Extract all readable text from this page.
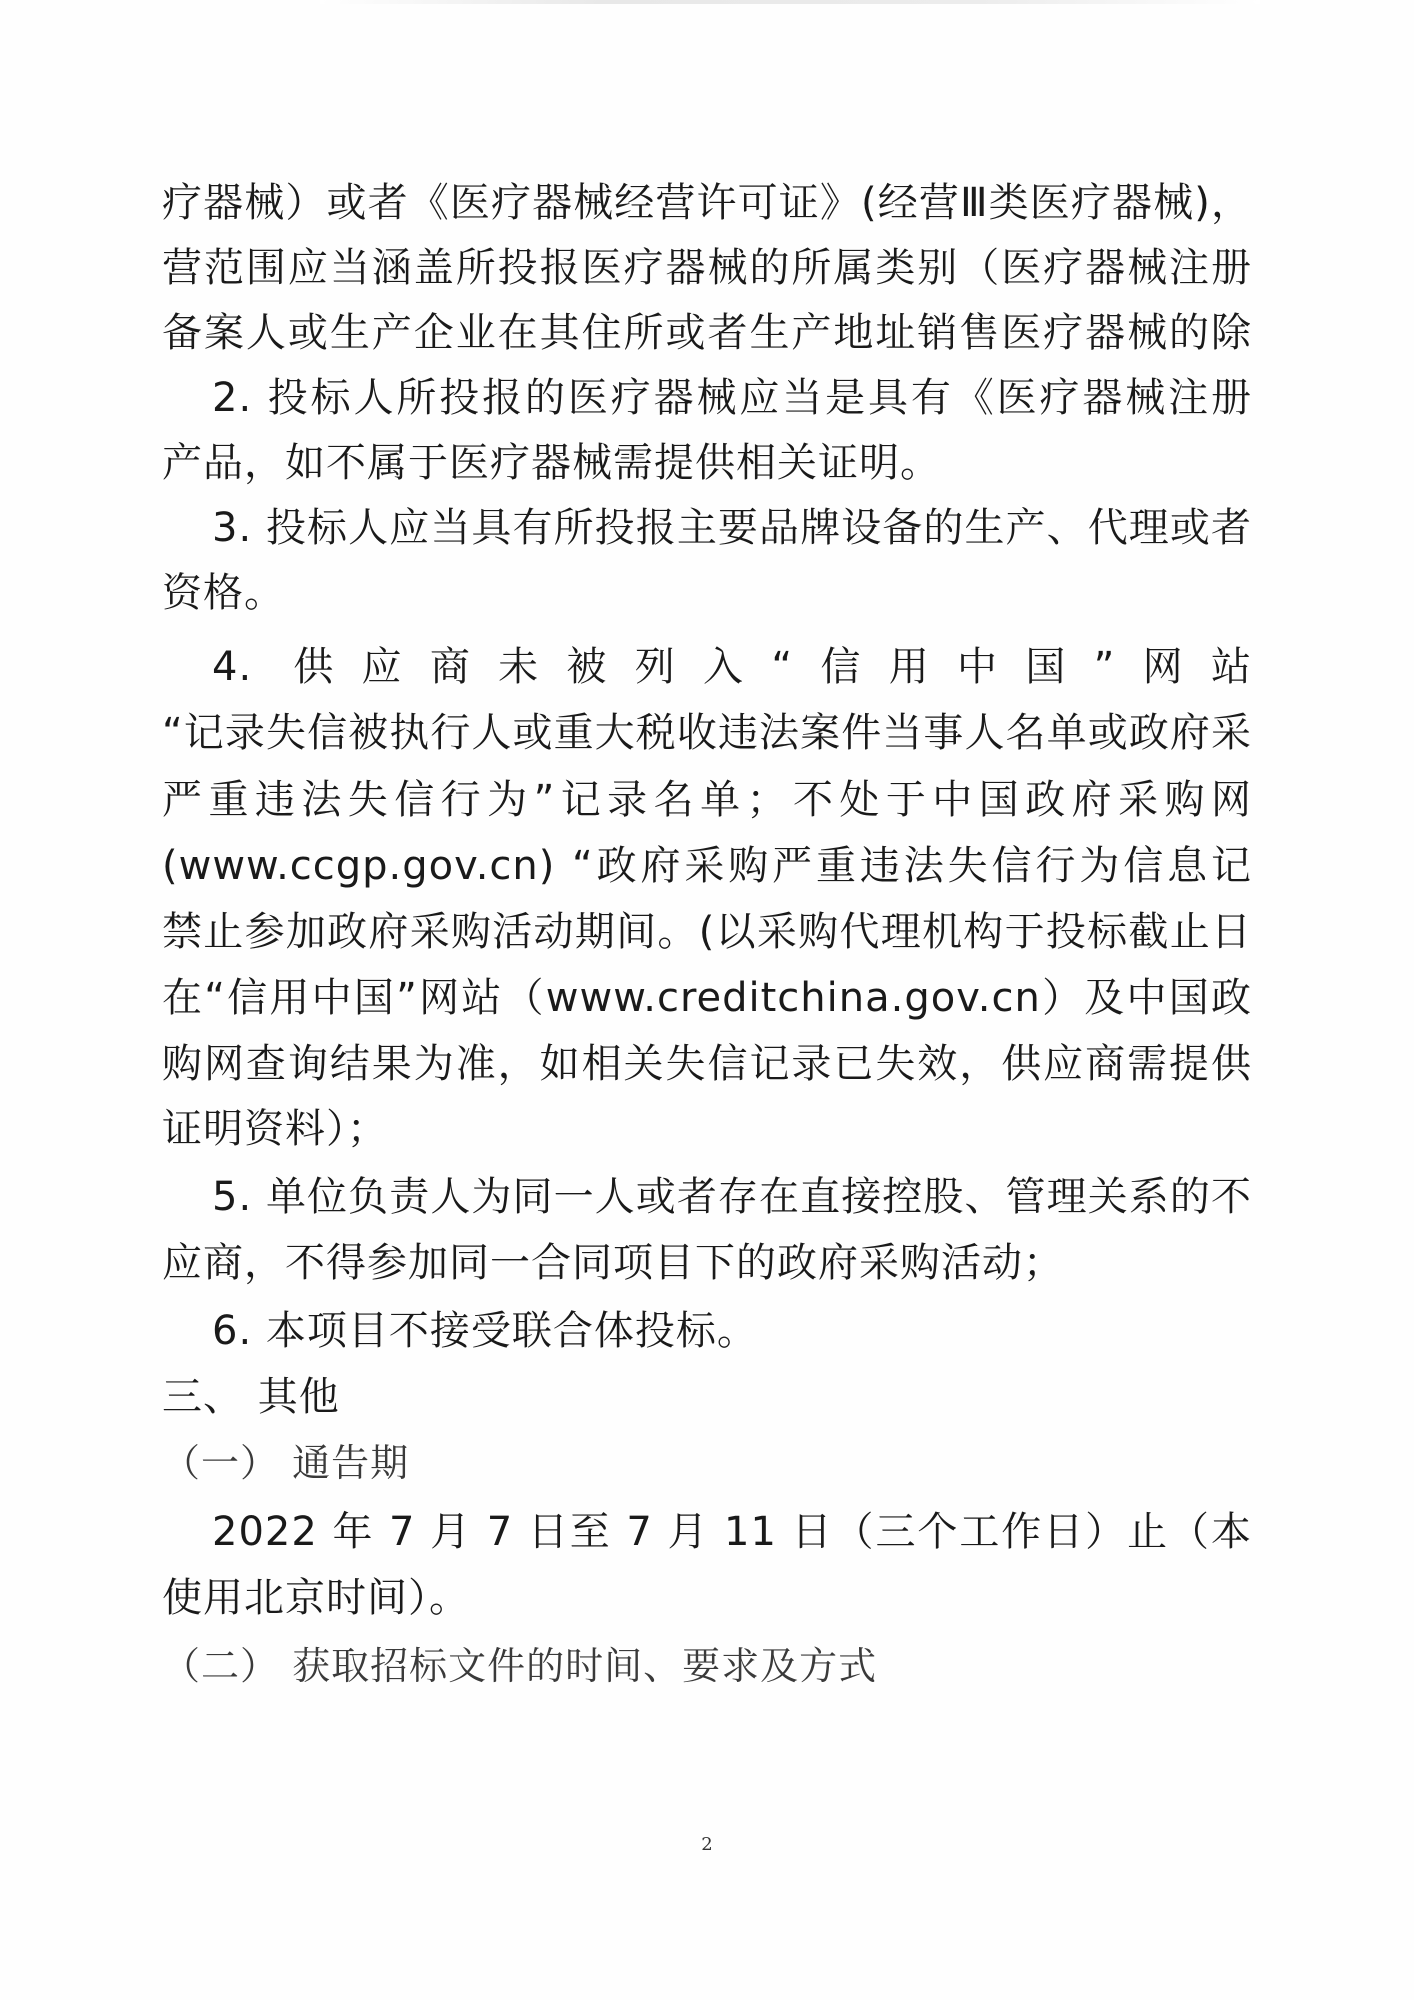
疗器械）或者《医疗器械经营许可证》(经营Ⅲ类医疗器械)，
营范围应当涵盖所投报医疗器械的所属类别（医疗器械注册
备案人或生产企业在其住所或者生产地址销售医疗器械的除
2. 投标人所投报的医疗器械应当是具有《医疗器械注册
产品，如不属于医疗器械需提供相关证明。
3. 投标人应当具有所投报主要品牌设备的生产、代理或者
资格。
4. 供应商未被列入“信用中国”网站
“记录失信被执行人或重大税收违法案件当事人名单或政府采
严重违法失信行为”记录名单；不处于中国政府采购网
(www.ccgp.gov.cn) “政府采购严重违法失信行为信息记
禁止参加政府采购活动期间。(以采购代理机构于投标截止日
在“信用中国”网站（www.creditchina.gov.cn）及中国政
购网查询结果为准，如相关失信记录已失效，供应商需提供
证明资料）；
5. 单位负责人为同一人或者存在直接控股、管理关系的不
应商，不得参加同一合同项目下的政府采购活动；
6. 本项目不接受联合体投标。
三、 其他
（一） 通告期
2022 年 7 月 7 日至 7 月 11 日（三个工作日）止（本
使用北京时间）。
（二） 获取招标文件的时间、要求及方式
2
